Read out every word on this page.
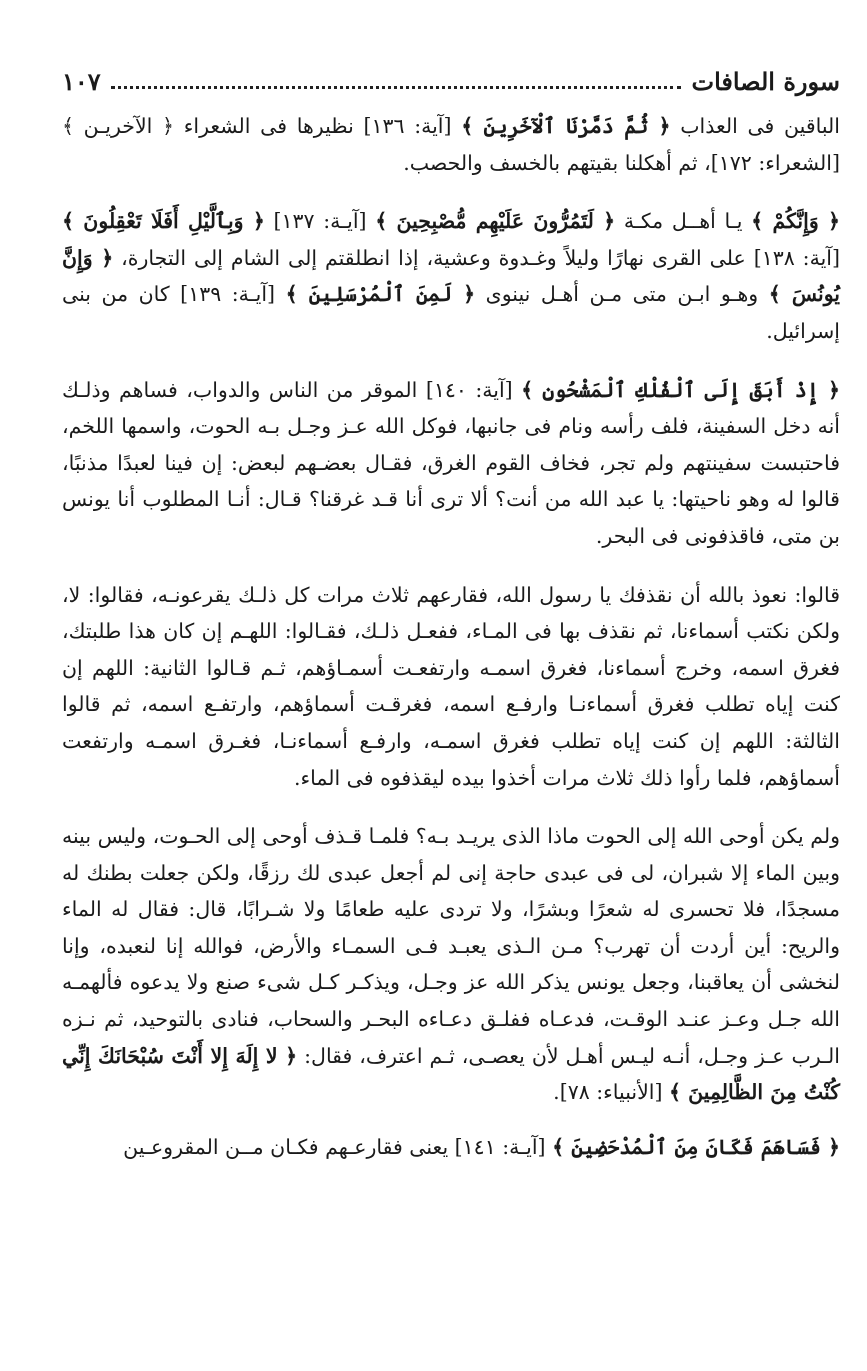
سورة الصافات
١٠٧

الباقين فى العذاب ﴿ ثُمَّ دَمَّرْنَا ٱلْآخَرِينَ ﴾ [آية: ١٣٦] نظيرها فى الشعراء ﴿ الآخريـن ﴾ [الشعراء: ١٧٢]، ثم أهكلنا بقيتهم بالخسف والحصب.

﴿ وَإِنَّكُمْ ﴾ يـا أهــل مكـة ﴿ لَتَمُرُّونَ عَلَيْهِم مُّصْبِحِينَ ﴾ [آيـة: ١٣٧] ﴿ وَبِٱلَّيْلِ أَفَلَا تَعْقِلُونَ ﴾ [آية: ١٣٨] على القرى نهارًا وليلاً وغـدوة وعشية، إذا انطلقتم إلى الشام إلى التجارة، ﴿ وَإِنَّ يُونُسَ ﴾ وهـو ابـن متى مـن أهـل نينوى ﴿ لَمِنَ ٱلْمُرْسَلِينَ ﴾ [آيـة: ١٣٩] كان من بنى إسرائيل.

﴿ إِذْ أَبَقَ إِلَى ٱلْفُلْكِ ٱلْمَشْحُونِ ﴾ [آية: ١٤٠] الموقر من الناس والدواب، فساهم وذلـك أنه دخل السفينة، فلف رأسه ونام فى جانبها، فوكل الله عـز وجـل بـه الحوت، واسمها اللخم، فاحتبست سفينتهم ولم تجر، فخاف القوم الغرق، فقـال بعضـهم لبعض: إن فينا لعبدًا مذنبًا، قالوا له وهو ناحيتها: يا عبد الله من أنت؟ ألا ترى أنا قـد غرقنا؟ قـال: أنـا المطلوب أنا يونس بن متى، فاقذفونى فى البحر.

قالوا: نعوذ بالله أن نقذفك يا رسول الله، فقارعهم ثلاث مرات كل ذلـك يقرعونـه، فقالوا: لا، ولكن نكتب أسماءنا، ثم نقذف بها فى المـاء، ففعـل ذلـك، فقـالوا: اللهـم إن كان هذا طلبتك، فغرق اسمه، وخرج أسماءنا، فغرق اسمـه وارتفعـت أسمـاؤهم، ثـم قـالوا الثانية: اللهم إن كنت إياه تطلب فغرق أسماءنـا وارفـع اسمه، فغرقـت أسماؤهم، وارتفـع اسمه، ثم قالوا الثالثة: اللهم إن كنت إياه تطلب فغرق اسمـه، وارفـع أسماءنـا، فغـرق اسمـه وارتفعت أسماؤهم، فلما رأوا ذلك ثلاث مرات أخذوا بيده ليقذفوه فى الماء.

ولم يكن أوحى الله إلى الحوت ماذا الذى يريـد بـه؟ فلمـا قـذف أوحى إلى الحـوت، وليس بينه وبين الماء إلا شبران، لى فى عبدى حاجة إنى لم أجعل عبدى لك رزقًا، ولكن جعلت بطنك له مسجدًا، فلا تحسرى له شعرًا وبشرًا، ولا تردى عليه طعامًا ولا شـرابًا، قال: فقال له الماء والريح: أين أردت أن تهرب؟ مـن الـذى يعبـد فـى السمـاء والأرض، فوالله إنا لنعبده، وإنا لنخشى أن يعاقبنا، وجعل يونس يذكر الله عز وجـل، ويذكـر كـل شىء صنع ولا يدعوه فألهمـه الله جـل وعـز عنـد الوقـت، فدعـاه ففلـق دعـاءه البحـر والسحاب، فنادى بالتوحيد، ثم نـزه الـرب عـز وجـل، أنـه ليـس أهـل لأن يعصـى، ثـم اعترف، فقال: ﴿ لا إِلَهَ إِلا أَنْتَ سُبْحَانَكَ إِنِّي كُنْتُ مِنَ الظَّالِمِينَ ﴾ [الأنبياء: ٧٨].

﴿ فَسَاهَمَ فَكَانَ مِنَ ٱلْمُدْحَضِينَ ﴾ [آيـة: ١٤١] يعنى فقارعـهم فكـان مــن المقروعـين
